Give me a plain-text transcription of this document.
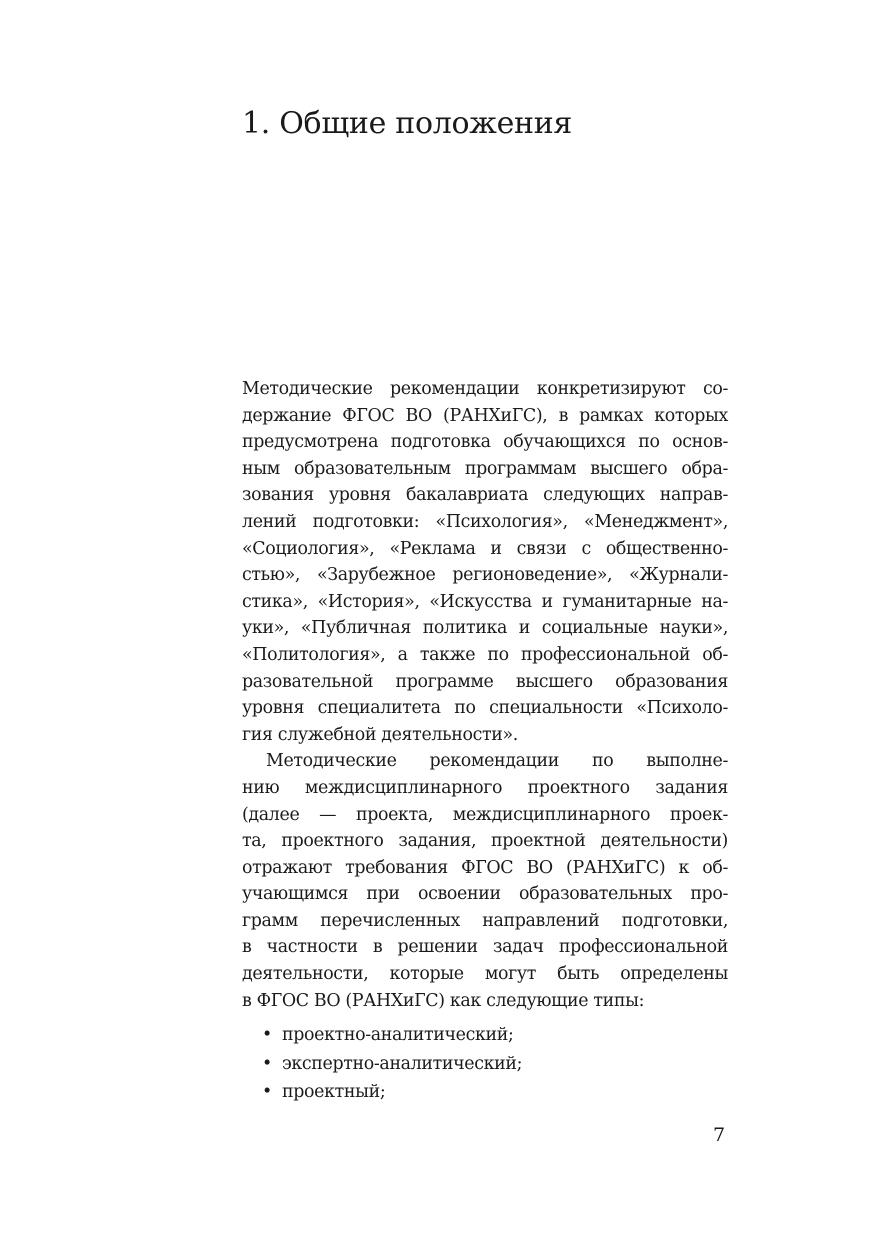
1. Общие положения
Методические рекомендации конкретизируют со-
держание ФГОС ВО (РАНХиГС), в рамках которых
предусмотрена подготовка обучающихся по основ-
ным образовательным программам высшего обра-
зования уровня бакалавриата следующих направ-
лений подготовки: «Психология», «Менеджмент»,
«Социология», «Реклама и связи с общественно-
стью», «Зарубежное регионоведение», «Журнали-
стика», «История», «Искусства и гуманитарные на-
уки», «Публичная политика и социальные науки»,
«Политология», а также по профессиональной об-
разовательной программе высшего образования
уровня специалитета по специальности «Психоло-
гия служебной деятельности».
Методические рекомендации по выполне-
нию междисциплинарного проектного задания
(далее — проекта, междисциплинарного проек-
та, проектного задания, проектной деятельности)
отражают требования ФГОС ВО (РАНХиГС) к об-
учающимся при освоении образовательных про-
грамм перечисленных направлений подготовки,
в частности в решении задач профессиональной
деятельности, которые могут быть определены
в ФГОС ВО (РАНХиГС) как следующие типы:
• проектно-аналитический;
• экспертно-аналитический;
• проектный;
7
